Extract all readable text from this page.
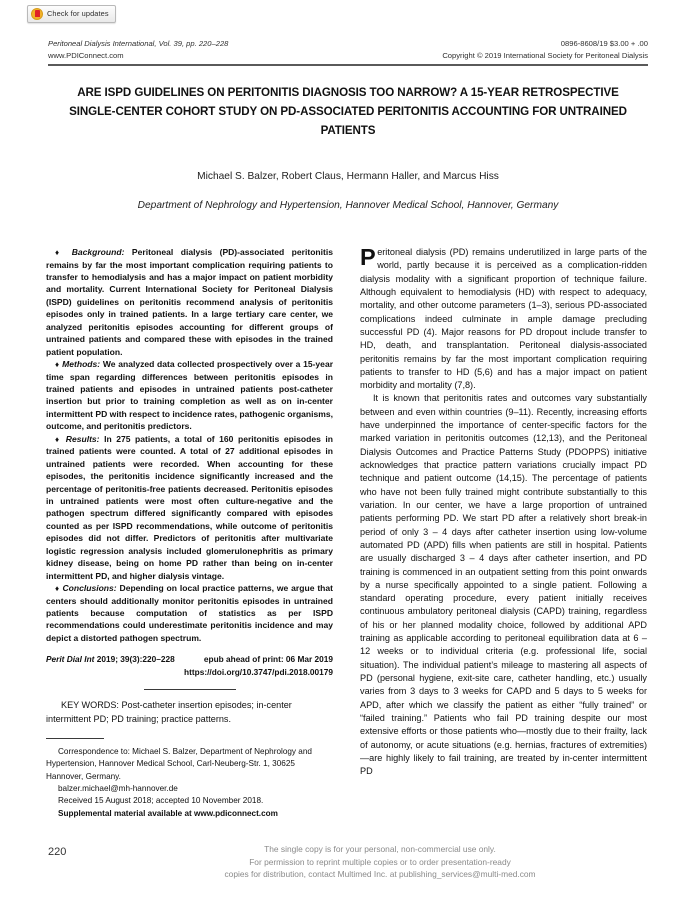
Check for updates
Peritoneal Dialysis International, Vol. 39, pp. 220–228
www.PDIConnect.com
0896-8608/19 $3.00 + .00
Copyright © 2019 International Society for Peritoneal Dialysis
ARE ISPD GUIDELINES ON PERITONITIS DIAGNOSIS TOO NARROW? A 15-YEAR RETROSPECTIVE SINGLE-CENTER COHORT STUDY ON PD-ASSOCIATED PERITONITIS ACCOUNTING FOR UNTRAINED PATIENTS
Michael S. Balzer, Robert Claus, Hermann Haller, and Marcus Hiss
Department of Nephrology and Hypertension, Hannover Medical School, Hannover, Germany

♦ Background: Peritoneal dialysis (PD)-associated peritonitis remains by far the most important complication requiring patients to transfer to hemodialysis and has a major impact on patient morbidity and mortality. Current International Society for Peritoneal Dialysis (ISPD) guidelines on peritonitis recommend analysis of peritonitis episodes only in trained patients. In a large tertiary care center, we analyzed peritonitis episodes accounting for different groups of untrained patients and compared these with episodes in the trained patient population.

♦ Methods: We analyzed data collected prospectively over a 15-year time span regarding differences between peritonitis episodes in trained patients and episodes in untrained patients post-catheter insertion but prior to training completion as well as on in-center intermittent PD with respect to incidence rates, pathogenic organisms, outcome, and peritonitis predictors.

♦ Results: In 275 patients, a total of 160 peritonitis episodes in trained patients were counted. A total of 27 additional episodes in untrained patients were recorded. When accounting for these episodes, the peritonitis incidence significantly increased and the percentage of peritonitis-free patients decreased. Peritonitis episodes in untrained patients were most often culture-negative and the pathogen spectrum differed significantly compared with episodes counted as per ISPD recommendations, while outcome of peritonitis episodes did not differ. Predictors of peritonitis after multivariate logistic regression analysis included glomerulonephritis as primary kidney disease, being on home PD rather than being on in-center intermittent PD, and higher dialysis vintage.

♦ Conclusions: Depending on local practice patterns, we argue that centers should additionally monitor peritonitis episodes in untrained patients because computation of statistics as per ISPD recommendations could underestimate peritonitis incidence and may depict a distorted pathogen spectrum.

Perit Dial Int 2019; 39(3):220–228	epub ahead of print: 06 Mar 2019
https://doi.org/10.3747/pdi.2018.00179
KEY WORDS: Post-catheter insertion episodes; in-center intermittent PD; PD training; practice patterns.
Correspondence to: Michael S. Balzer, Department of Nephrology and Hypertension, Hannover Medical School, Carl-Neuberg-Str. 1, 30625 Hannover, Germany.
balzer.michael@mh-hannover.de
Received 15 August 2018; accepted 10 November 2018.
Supplemental material available at www.pdiconnect.com

Peritoneal dialysis (PD) remains underutilized in large parts of the world, partly because it is perceived as a complication-ridden dialysis modality with a significant proportion of technique failure. Although equivalent to hemodialysis (HD) with respect to adequacy, mortality, and other outcome parameters (1–3), serious PD-associated complications indeed culminate in ample damage precluding successful PD (4). Major reasons for PD dropout include transfer to HD, death, and transplantation. Peritoneal dialysis-associated peritonitis remains by far the most important complication requiring patients to transfer to HD (5,6) and has a major impact on patient morbidity and mortality (7,8).

It is known that peritonitis rates and outcomes vary substantially between and even within countries (9–11). Recently, increasing efforts have underpinned the importance of center-specific factors for the marked variation in peritonitis outcomes (12,13), and the Peritoneal Dialysis Outcomes and Practice Patterns Study (PDOPPS) initiative acknowledges that practice pattern variations crucially impact PD technique and patient outcome (14,15). The percentage of patients who have not been fully trained might contribute substantially to this variation. In our center, we have a large proportion of untrained patients performing PD. We start PD after a relatively short break-in period of only 3 – 4 days after catheter insertion using low-volume automated PD (APD) fills when patients are still in hospital. Patients are usually discharged 3 – 4 days after catheter insertion, and PD training is commenced in an outpatient setting from this point onwards by a nurse specifically appointed to a single patient. Following a standard operating procedure, every patient initially receives continuous ambulatory peritoneal dialysis (CAPD) training, regardless of his or her planned modality choice, followed by additional APD training as applicable according to peritoneal equilibration data at 6 – 12 weeks or to individual criteria (e.g. professional life, social situation). The individual patient’s mileage to mastering all aspects of PD (personal hygiene, exit-site care, catheter handling, etc.) usually varies from 3 days to 3 weeks for CAPD and 5 days to 5 weeks for APD, after which we classify the patient as either “fully trained” or “failed training.” Patients who fail PD training despite our most extensive efforts or those patients who—mostly due to their frailty, lack of autonomy, or acute situations (e.g. hernias, fractures of extremities)—are highly likely to fail training, are treated by in-center intermittent PD

220	The single copy is for your personal, non-commercial use only.
For permission to reprint multiple copies or to order presentation-ready
copies for distribution, contact Multimed Inc. at publishing_services@multi-med.com
